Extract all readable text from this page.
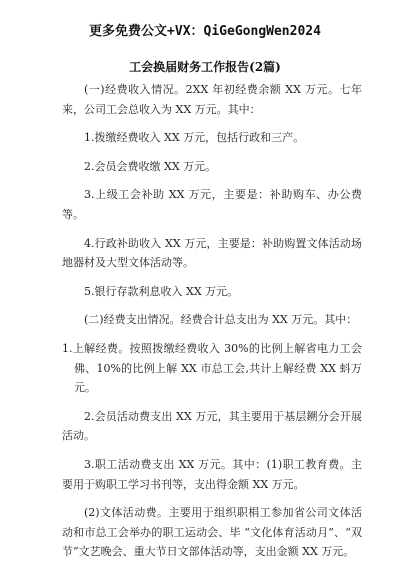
更多免费公文+VX：QiGeGongWen2024
工会换届财务工作报告(2篇)

(一)经费收入情况。2XX 年初经费余额 XX 万元。七年来，公司工会总收入为 XX 万元。其中：

1.拨缴经费收入 XX 万元，包括行政和三产。

2.会员会费收缴 XX 万元。

3.上级工会补助 XX 万元，主要是：补助购车、办公费等。

4.行政补助收入 XX 万元，主要是：补助购置文体活动场地器材及大型文体活动等。

5.银行存款利息收入 XX 万元。

(二)经费支出情况。经费合计总支出为 XX 万元。其中：

1.上解经费。按照拨缴经费收入 30%的比例上解省电力工会佛、10%的比例上解 XX 市总工会,共计上解经费 XX 蚪万元。

2.会员活动费支出 XX 万元，其主要用于基层鎙分会开展活动。

3.职工活动费支出 XX 万元。其中：(1)职工教育费。主要用于购职工学习书刊等，支出得金额 XX 万元。

(2)文体活动费。主要用于组织职梋工参加省公司文体活动和市总工会举办的职工运动会、毕 “文化体育活动月”、“双节”文艺晚会、重大节日文部体活动等，支出金额 XX 万元。
